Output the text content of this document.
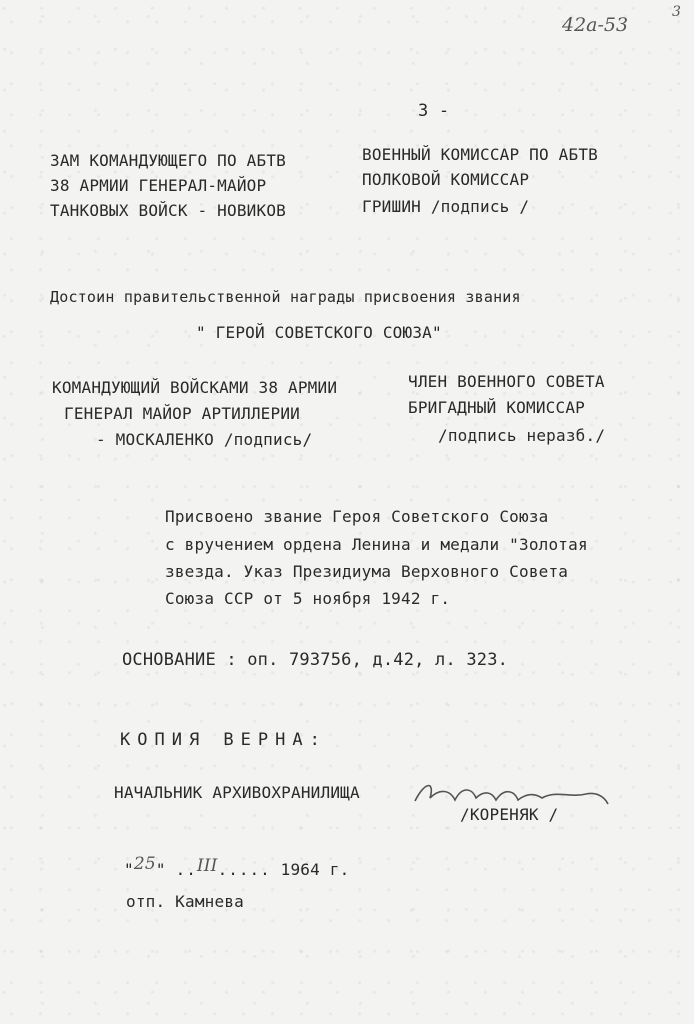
42а-53
3
3 -
ЗАМ КОМАНДУЮЩЕГО ПО АБТВ
38 АРМИИ ГЕНЕРАЛ-МАЙОР
ТАНКОВЫХ ВОЙСК - НОВИКОВ
ВОЕННЫЙ КОМИССАР ПО АБТВ
ПОЛКОВОЙ КОМИССАР
ГРИШИН /подпись /
Достоин правительственной награды присвоения звания
" ГЕРОЙ СОВЕТСКОГО СОЮЗА"
КОМАНДУЮЩИЙ ВОЙСКАМИ 38 АРМИИ
ГЕНЕРАЛ МАЙОР АРТИЛЛЕРИИ
- МОСКАЛЕНКО /подпись/
ЧЛЕН ВОЕННОГО СОВЕТА
БРИГАДНЫЙ КОМИССАР
/подпись неразб./
Присвоено звание Героя Советского Союза
с вручением ордена Ленина и медали "Золотая
звезда. Указ Президиума Верховного Совета
Союза ССР от 5 ноября 1942 г.
ОСНОВАНИЕ : оп. 793756, д.42, л. 323.
КОПИЯ ВЕРНА:
НАЧАЛЬНИК АРХИВОХРАНИЛИЩА
/КОРЕНЯК /
"25" ..III..... 1964 г.
отп. Камнева
